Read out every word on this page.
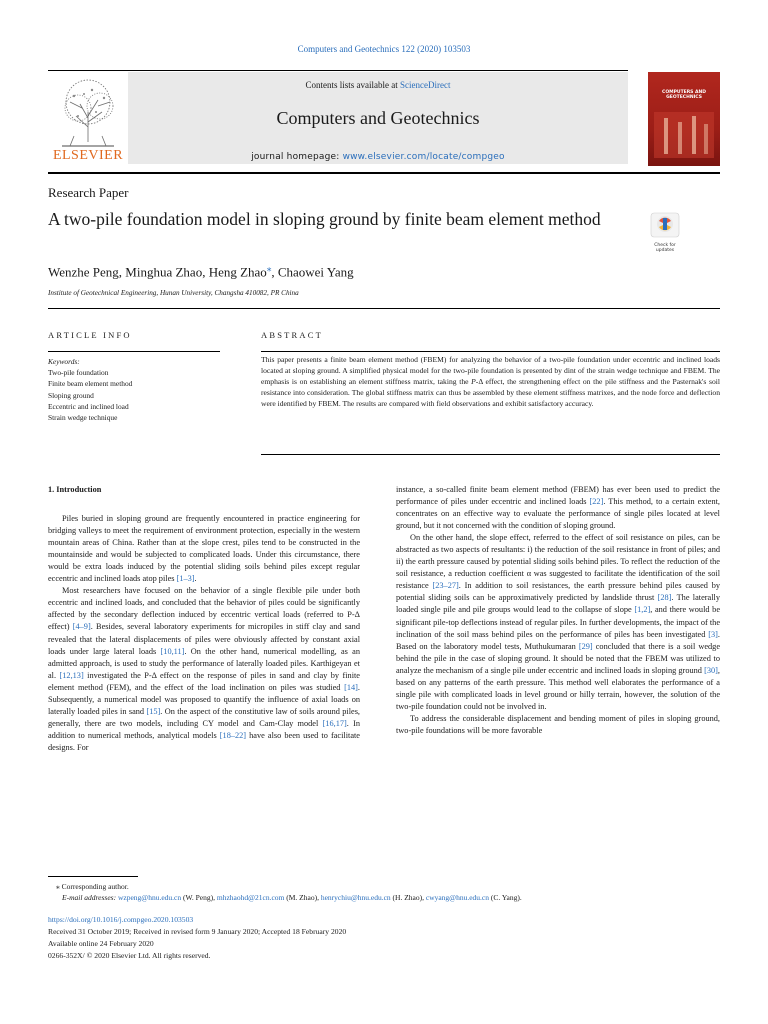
Computers and Geotechnics 122 (2020) 103503
Contents lists available at ScienceDirect
Computers and Geotechnics
journal homepage: www.elsevier.com/locate/compgeo
ELSEVIER
COMPUTERS AND GEOTECHNICS
Research Paper
A two-pile foundation model in sloping ground by finite beam element method
Check for updates
Wenzhe Peng, Minghua Zhao, Heng Zhao⁎, Chaowei Yang
Institute of Geotechnical Engineering, Hunan University, Changsha 410082, PR China
ARTICLE INFO
Keywords:
Two-pile foundation
Finite beam element method
Sloping ground
Eccentric and inclined load
Strain wedge technique
ABSTRACT
This paper presents a finite beam element method (FBEM) for analyzing the behavior of a two-pile foundation under eccentric and inclined loads located at sloping ground. A simplified physical model for the two-pile foundation is presented by dint of the strain wedge technique and FBEM. The emphasis is on establishing an element stiffness matrix, taking the P-Δ effect, the strengthening effect on the pile stiffness and the Pasternak's soil resistance into consideration. The global stiffness matrix can thus be assembled by these element stiffness matrixes, and the node force and deflection were identified by FBEM. The results are compared with field observations and exhibit satisfactory accuracy.
1. Introduction

Piles buried in sloping ground are frequently encountered in practice engineering for bridging valleys to meet the requirement of environment protection, especially in the western mountain areas of China. Rather than at the slope crest, piles tend to be constructed in the mountainside and would be subjected to complicated loads. Under this circumstance, there would be extra loads induced by the potential sliding soils behind piles except regular eccentric and inclined loads atop piles [1–3].

Most researchers have focused on the behavior of a single flexible pile under both eccentric and inclined loads, and concluded that the behavior of piles could be significantly affected by the secondary deflection induced by eccentric vertical loads (referred to P-Δ effect) [4–9]. Besides, several laboratory experiments for micropiles in stiff clay and sand revealed that the lateral displacements of piles were obviously affected by constant axial loads under large lateral loads [10,11]. On the other hand, numerical modelling, as an admitted approach, is used to study the performance of laterally loaded piles. Karthigeyan et al. [12,13] investigated the P-Δ effect on the response of piles in sand and clay by finite element method (FEM), and the effect of the load inclination on piles was studied [14]. Subsequently, a numerical model was proposed to quantify the influence of axial loads on laterally loaded piles in sand [15]. On the aspect of the constitutive law of soils around piles, generally, there are two models, including CY model and Cam-Clay model [16,17]. In addition to numerical methods, analytical models [18–22] have also been used to facilitate designs. For

instance, a so-called finite beam element method (FBEM) has ever been used to predict the performance of piles under eccentric and inclined loads [22]. This method, to a certain extent, concentrates on an effective way to evaluate the performance of single piles located at level ground, but it not concerned with the condition of sloping ground.

On the other hand, the slope effect, referred to the effect of soil resistance on piles, can be abstracted as two aspects of resultants: i) the reduction of the soil resistance in front of piles; and ii) the earth pressure caused by potential sliding soils behind piles. To reflect the reduction of the soil resistance, a reduction coefficient α was suggested to facilitate the identification of the soil resistance [23–27]. In addition to soil resistances, the earth pressure behind piles caused by potential sliding soils can be approximatively predicted by landslide thrust [28]. The laterally loaded single pile and pile groups would lead to the collapse of slope [1,2], and there would be significant pile-top deflections instead of regular piles. In further developments, the impact of the inclination of the soil mass behind piles on the performance of piles has been investigated [3]. Based on the laboratory model tests, Muthukumaran [29] concluded that there is a soil wedge behind the pile in the case of sloping ground. It should be noted that the FBEM was utilized to analyze the mechanism of a single pile under eccentric and inclined loads in sloping ground [30], based on any patterns of the earth pressure. This method well elaborates the performance of a single pile with complicated loads in level ground or hilly terrain, however, the solution of the two-pile foundation could not be involved in.

To address the considerable displacement and bending moment of piles in sloping ground, two-pile foundations will be more favorable

⁎ Corresponding author.
E-mail addresses: wzpeng@hnu.edu.cn (W. Peng), mhzhaohd@21cn.com (M. Zhao), henrychiu@hnu.edu.cn (H. Zhao), cwyang@hnu.edu.cn (C. Yang).
https://doi.org/10.1016/j.compgeo.2020.103503
Received 31 October 2019; Received in revised form 9 January 2020; Accepted 18 February 2020
Available online 24 February 2020
0266-352X/ © 2020 Elsevier Ltd. All rights reserved.
